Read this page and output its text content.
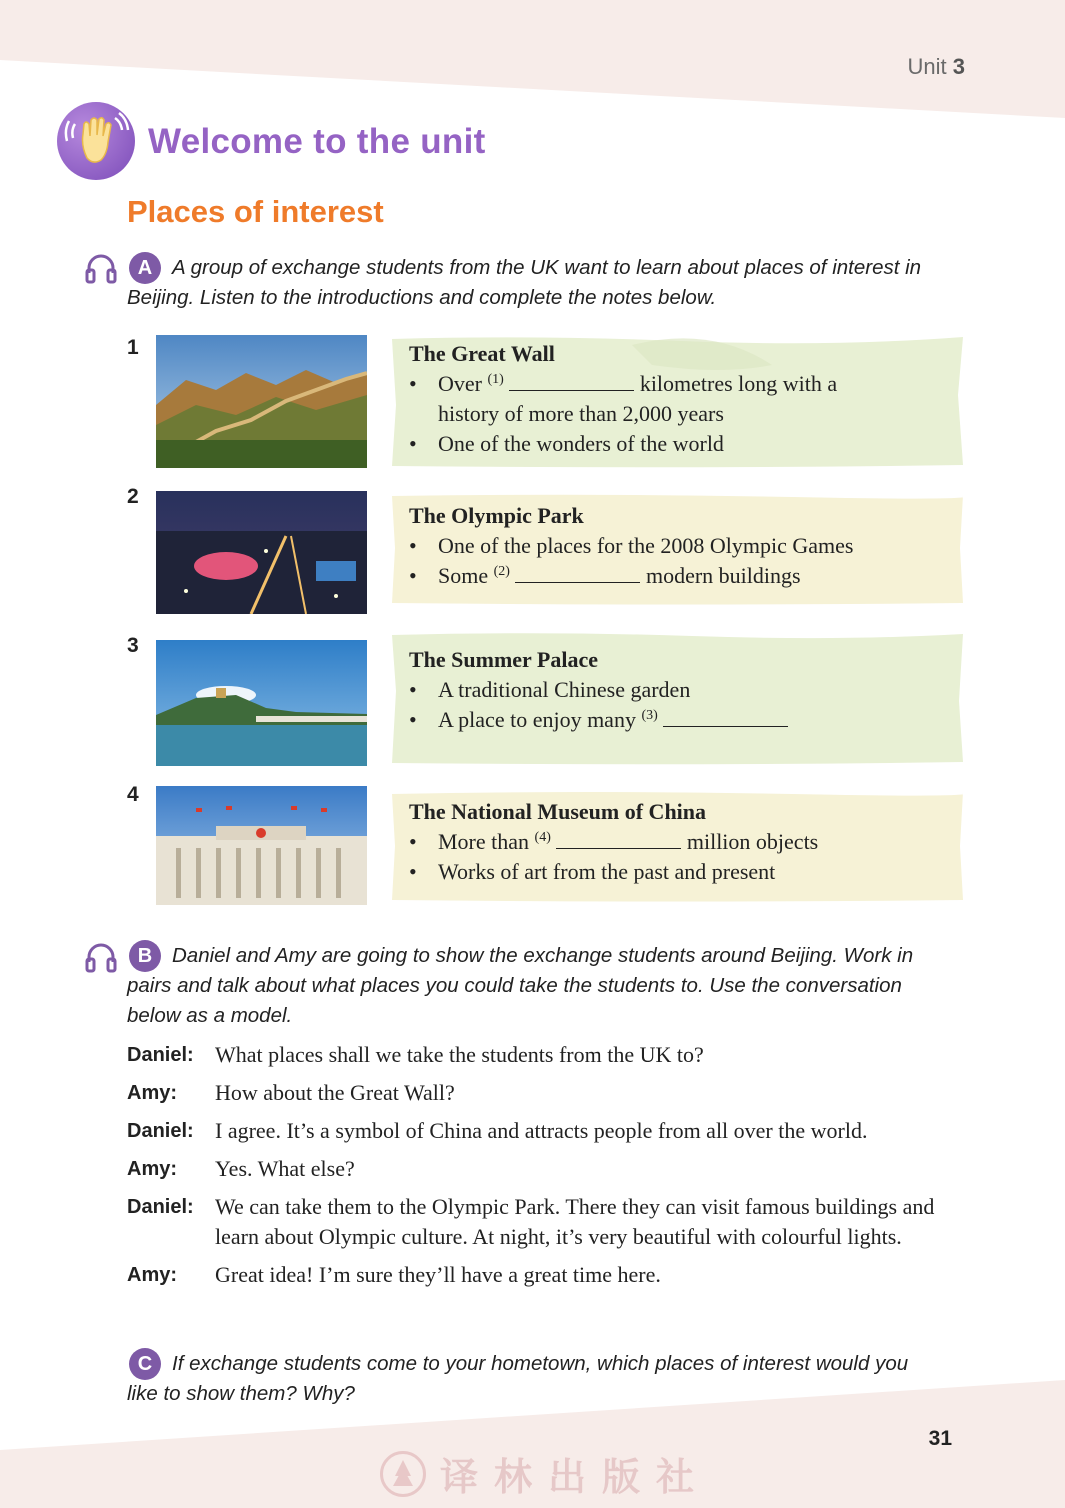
Unit 3
Welcome to the unit
Places of interest
A A group of exchange students from the UK want to learn about places of interest in
Beijing. Listen to the introductions and complete the notes below.
1	The Great Wall
• Over $^{(1)}$	kilometres long with a
history of more than 2,000 years
• One of the wonders of the world
2
The Olympic Park
• One of the places for the 2008 Olympic Games
• Some $^{(2)}$	modern buildings
3
The Summer Palace
• A traditional Chinese garden
• A place to enjoy many $^{(3)}$
4
The National Museum of China
• More than $^{(4)}$	million objects
• Works of art from the past and present
B Daniel and Amy are going to show the exchange students around Beijing. Work in
pairs and talk about what places you could take the students to. Use the conversation
below as a model.
Daniel: What places shall we take the students from the UK to?
Amy:	How about the Great Wall?
Daniel: I agree. It’s a symbol of China and attracts people from all over the world.
Amy:	Yes. What else?
Daniel: We can take them to the Olympic Park. There they can visit famous buildings and learn about Olympic culture. At night, it’s very beautiful with colourful lights.
Amy:	Great idea! I’m sure they’ll have a great time here.
C If exchange students come to your hometown, which places of interest would you
like to show them? Why?
31
译林出版社
